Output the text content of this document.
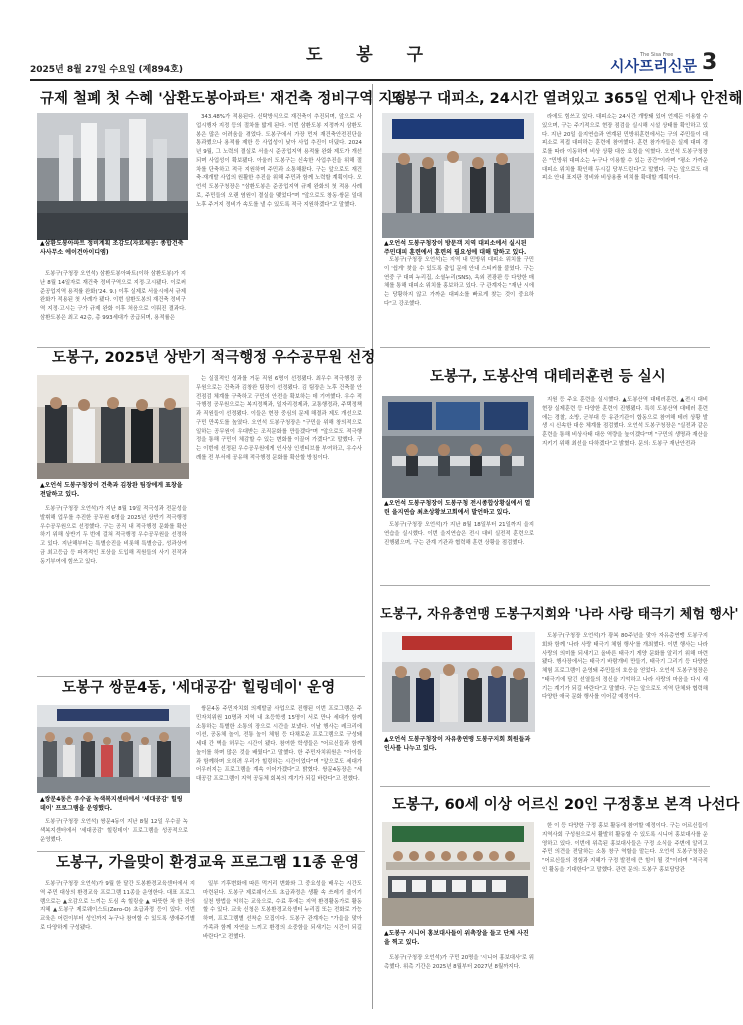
도 봉 구
2025년 8월 27일 수요일 (제894호)
The Sisa Free
시사프리신문 3
규제 철폐 첫 수혜 '삼환도봉아파트' 재건축 정비구역 지정
▲삼환도봉아파트 정비계획 조감도(자료제공: 종합건축사사무소 에이건아이디엠)

도봉구(구청장 오언석) 삼환도봉아파트(이하 삼환도봉)가 지난 8월 14일자로 재건축 정비구역으로 지정·고시됐다. 이로써 준공업지역 용적률 완화('24. 9.) 이후 실제로 서울시에서 규제 완화가 적용된 첫 사례가 됐다. 이번 삼환도봉의 재건축 정비구역 지정·고시는 구가 규제 완화 이후 처음으로 이뤄진 결과다. 삼환도봉은 최고 42층, 총 993세대가 공급되며, 용적률은

343.48%가 적용된다. 신탁방식으로 재건축이 추진되며, 앞으로 사업시행자 지정 등의 절차를 밟게 된다. 이번 삼환도봉 지정까지 삼환도봉은 많은 어려움을 겪었다. 도봉구에서 가장 먼저 재건축안전진단을 통과했으나 용적률 제한 등 사업성이 낮아 사업 추진이 더뎠다. 2024년 9월, 그 노력의 결실로 서울시 준공업지역 용적률 완화 제도가 개선되며 사업성이 확보됐다. 아울러 도봉구는 신속한 사업추진을 위해 절차를 단축하고 적극 지원하며 주민과 소통해왔다. 구는 앞으로도 재건축·재개발 사업의 원활한 추진을 위해 주민과 함께 노력할 계획이다. 오언석 도봉구청장은 "삼환도봉은 준공업지역 규제 완화의 첫 적용 사례로, 주민들의 오랜 염원이 결실을 맺었다"며 "앞으로도 창동·쌍문 일대 노후 주거지 정비가 속도를 낼 수 있도록 적극 지원하겠다"고 말했다.

도봉구, 2025년 상반기 적극행정 우수공무원 선정
▲오언석 도봉구청장이 건축과 김창완 팀장에게 표창을 전달하고 있다.

도봉구(구청장 오언석)가 지난 8월 19일 적극성과 전문성을 발휘해 업무를 추진한 공무원 6명을 2025년 상반기 적극행정 우수공무원으로 선정했다. 구는 공직 내 적극행정 문화를 확산하기 위해 상반기 두 번에 걸쳐 적극행정 우수공무원을 선정하고 있다. 지난해부터는 특별승진을 비롯해 특별승급, 성과상여금 최고등급 등 파격적인 포상을 도입해 직원들의 사기 진작과 동기부여에 힘쓰고 있다.

는 실질적인 성과를 거둔 직원 6명이 선정됐다. 최우수 적극행정 공무원으로는 건축과 김창완 팀장이 선정됐다. 김 팀장은 노후 건축물 안전점검 체계를 구축하고 구민의 안전을 확보하는 데 기여했다. 우수 적극행정 공무원으로는 복지정책과, 일자리경제과, 교통행정과, 주택정책과 직원들이 선정됐다. 이들은 현장 중심의 문제 해결과 제도 개선으로 구민 만족도를 높였다. 오언석 도봉구청장은 "구민을 위해 창의적으로 일하는 공무원이 우대받는 조직문화를 만들겠다"며 "앞으로도 적극행정을 통해 구민이 체감할 수 있는 변화를 이끌어 가겠다"고 말했다. 구는 이번에 선정된 우수공무원에게 인사상 인센티브를 부여하고, 우수사례를 전 부서에 공유해 적극행정 문화를 확산할 방침이다.

도봉구 쌍문4동, '세대공감' 힐링데이' 운영
▲쌍문4동은 우수골 녹색복지센터에서 '세대공감' 힐링데이' 프로그램을 운영했다.

도봉구(구청장 오언석) 쌍문4동이 지난 8월 12일 우수골 녹색복지센터에서 '세대공감' 힐링데이' 프로그램을 성공적으로 운영했다.

쌍문4동 주민자치회 의제발굴 사업으로 진행된 이번 프로그램은 주민자치위원 10명과 지역 내 초등학생 15명이 서로 만나 세대가 함께 소통하는 특별한 소통의 장으로 시간을 보냈다. 이날 행사는 레크리에이션, 공동체 놀이, 전통 놀이 체험 등 다채로운 프로그램으로 구성돼 세대 간 벽을 허무는 시간이 됐다. 참여한 학생들은 "어르신들과 함께 놀이를 하며 많은 것을 배웠다"고 말했다. 한 주민자치위원은 "아이들과 함께하며 오히려 우리가 힐링하는 시간이었다"며 "앞으로도 세대가 어우러지는 프로그램을 계속 이어가겠다"고 밝혔다. 쌍문4동장은 "세대공감 프로그램이 지역 공동체 회복의 계기가 되길 바란다"고 전했다.

도봉구, 가을맞이 환경교육 프로그램 11종 운영

도봉구(구청장 오언석)가 9월 한 달간 도봉환경교육센터에서 지역 주민 대상의 환경교육 프로그램 11종을 운영한다. 대표 프로그램으로는 ▲오감으로 느끼는 도심 속 힐링숲 ▲ 따뜻한 차 한 잔의 지혜 ▲도봉구 제로웨이스트(Zero-O) 초급과정 등이 있다. 이번 교육은 어린이부터 성인까지 누구나 참여할 수 있도록 생애주기별로 다양하게 구성됐다.

일부 기후변화에 따른 먹거리 변화와 그 중요성을 배우는 시간도 마련된다. 도봉구 제로웨이스트 초급과정은 생활 속 쓰레기 줄이기 실천 방법을 익히는 교육으로, 수료 후에는 지역 환경활동가로 활동할 수 있다. 교육 신청은 도봉환경교육센터 누리집 또는 전화로 가능하며, 프로그램별 선착순 모집이다. 도봉구 관계자는 "가을을 맞아 가족과 함께 자연을 느끼고 환경의 소중함을 되새기는 시간이 되길 바란다"고 전했다.

도봉구 대피소, 24시간 열려있고 365일 언제나 안전해
▲오언석 도봉구청장이 방문객 지역 대피소에서 실시된 주민대피 훈련에서 훈련의 필요성에 대해 말하고 있다.

도봉구(구청장 오언석)는 지역 내 민방위 대피소 위치를 구민이 '쉽게' 찾을 수 있도록 출입 문에 안내 스티커를 붙였다. 구는 연중 구 대피 누리집, 소셜누리(SNS), 옥외 전광판 등 다양한 매체를 통해 대피소 위치를 홍보하고 있다. 구 관계자는 "재난 시에는 당황하지 않고 가까운 대피소를 빠르게 찾는 것이 중요하다"고 강조했다.

라에도 힘쓰고 있다. 대피소는 24시간 개방돼 있어 언제든 이용할 수 있으며, 구는 주기적으로 현장 점검을 실시해 시설 상태를 확인하고 있다. 지난 20일 을지연습과 연계된 민방위훈련에서는 구의 주민들이 대피소로 직접 대피하는 훈련에 참여했다. 훈련 참가자들은 실제 대피 경로를 따라 이동하며 비상 상황 대응 요령을 익혔다. 오언석 도봉구청장은 "민방위 대피소는 누구나 이용할 수 있는 공간"이라며 "평소 가까운 대피소 위치를 확인해 두시길 당부드린다"고 말했다. 구는 앞으로도 대피소 안내 표지판 정비와 비상용품 비치를 확대할 계획이다.

도봉구, 도봉산역 대테러훈련 등 실시
▲오언석 도봉구청장이 도봉구청 전시종합상황실에서 열린 을지연습 최초상황보고회에서 발언하고 있다.

도봉구(구청장 오언석)가 지난 8월 18일부터 21일까지 을지연습을 실시했다. 이번 을지연습은 전시 대비 실전적 훈련으로 진행됐으며, 구는 관계 기관과 협력해 훈련 상황을 점검했다.

지원 등 주요 훈련을 실시했다. ▲도봉산역 대테러훈련, ▲전시 대비 현장 실제훈련 등 다양한 훈련이 진행됐다. 특히 도봉산역 대테러 훈련에는 경찰, 소방, 군부대 등 유관기관이 합동으로 참여해 테러 상황 발생 시 신속한 대응 체계를 점검했다. 오언석 도봉구청장은 "실전과 같은 훈련을 통해 비상사태 대응 역량을 높이겠다"며 "구민의 생명과 재산을 지키기 위해 최선을 다하겠다"고 밝혔다. 문의: 도봉구 재난안전과

도봉구, 자유총연맹 도봉구지회와 '나라 사랑 태극기 체험 행사'
▲오언석 도봉구청장이 자유총연맹 도봉구지회 회원들과 인사를 나누고 있다.

도봉구(구청장 오언석)가 광복 80주년을 맞아 자유총연맹 도봉구지회와 함께 '나라 사랑 태극기 체험 행사'를 개최했다. 이번 행사는 나라 사랑의 의미를 되새기고 올바른 태극기 게양 문화를 알리기 위해 마련됐다. 행사장에서는 태극기 바람개비 만들기, 태극기 그리기 등 다양한 체험 프로그램이 운영돼 주민들의 호응을 얻었다. 오언석 도봉구청장은 "태극기에 담긴 선열들의 정신을 기억하고 나라 사랑의 마음을 다시 새기는 계기가 되길 바란다"고 말했다. 구는 앞으로도 지역 단체와 협력해 다양한 애국 문화 행사를 이어갈 예정이다.

도봉구, 60세 이상 어르신 20인 구정홍보 본격 나선다
▲도봉구 시니어 홍보대사들이 위촉장을 들고 단체 사진을 찍고 있다.

도봉구(구청장 오언석)가 구민 20명을 '시니어 홍보대사'로 위촉했다. 위촉 기간은 2025년 8월부터 2027년 8월까지다.

한 이 등 다양한 구정 홍보 활동에 참여할 예정이다. 구는 어르신들이 지역사회 구성원으로서 활발히 활동할 수 있도록 시니어 홍보대사를 운영하고 있다. 이번에 위촉된 홍보대사들은 구정 소식을 주변에 알리고 주민 의견을 전달하는 소통 창구 역할을 맡는다. 오언석 도봉구청장은 "어르신들의 경험과 지혜가 구정 발전에 큰 힘이 될 것"이라며 "적극적인 활동을 기대한다"고 말했다. 관련 문의: 도봉구 홍보담당관
